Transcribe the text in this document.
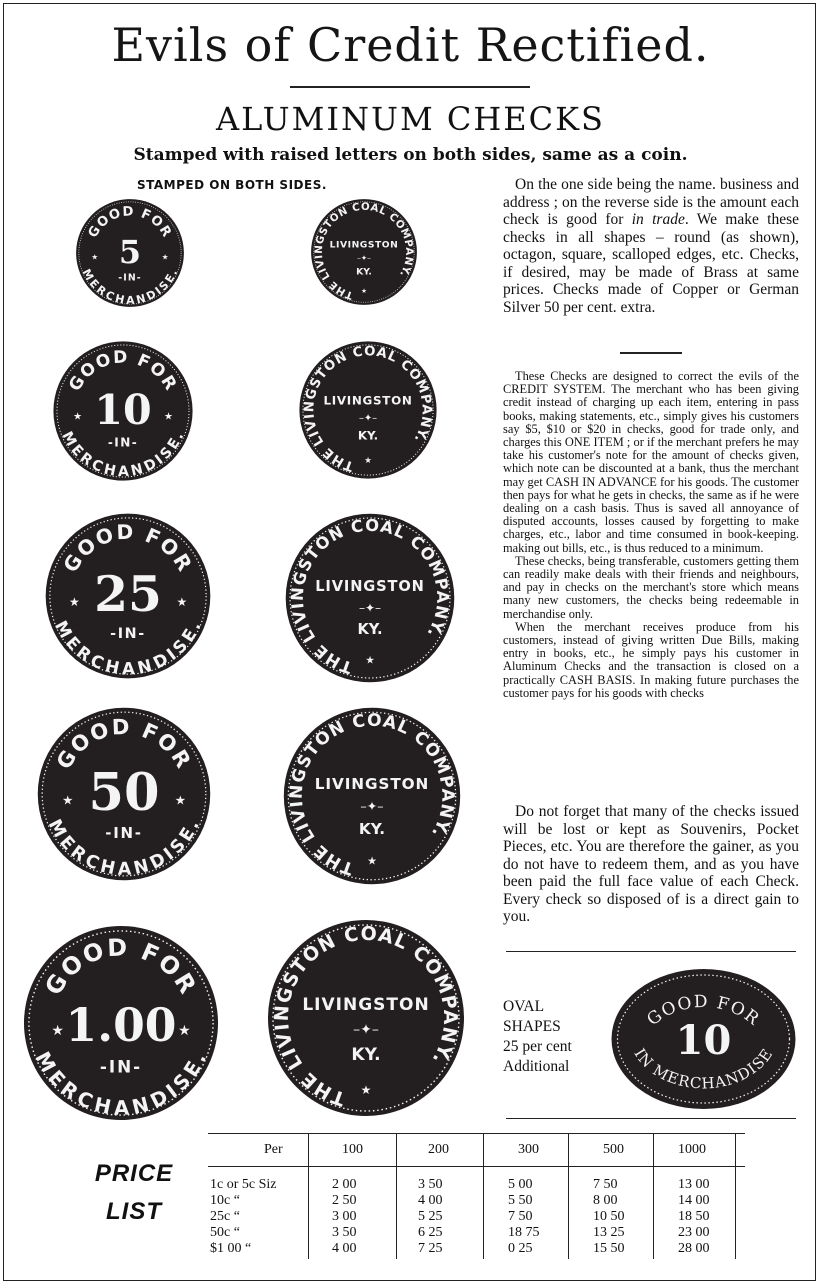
Evils of Credit Rectified.
ALUMINUM CHECKS
Stamped with raised letters on both sides, same as a coin.
STAMPED ON BOTH SIDES.
GOOD FOR
MERCHANDISE.
5
-IN-
★	★
GOOD FOR
MERCHANDISE.
10
-IN-
★	★
GOOD FOR
MERCHANDISE.
25
-IN-
★	★
GOOD FOR
MERCHANDISE.
50
-IN-
★	★
GOOD FOR
MERCHANDISE.
1.00
-IN-
★	★
THE LIVINGSTON COAL COMPANY.
LIVINGSTON
–✦–
KY.
★
THE LIVINGSTON COAL COMPANY.
LIVINGSTON
–✦–
KY.
★
THE LIVINGSTON COAL COMPANY.
LIVINGSTON
–✦–
KY.
★
THE LIVINGSTON COAL COMPANY.
LIVINGSTON
–✦–
KY.
★
THE LIVINGSTON COAL COMPANY.
LIVINGSTON
–✦–
KY.
★
On the one side being the name. business and address ; on the reverse side is the amount each check is good for in trade. We make these checks in all shapes – round (as shown), octagon, square, scalloped edges, etc. Checks, if desired, may be made of Brass at same prices. Checks made of Copper or German Silver 50 per cent. extra.

These Checks are designed to correct the evils of the CREDIT SYSTEM. The merchant who has been giving credit instead of charging up each item, entering in pass books, making statements, etc., simply gives his customers say $5, $10 or $20 in checks, good for trade only, and charges this ONE ITEM ; or if the merchant prefers he may take his customer's note for the amount of checks given, which note can be discounted at a bank, thus the merchant may get CASH IN ADVANCE for his goods. The customer then pays for what he gets in checks, the same as if he were dealing on a cash basis. Thus is saved all annoyance of disputed accounts, losses caused by forgetting to make charges, etc., labor and time consumed in book-keeping. making out bills, etc., is thus reduced to a minimum.

These checks, being transferable, customers getting them can readily make deals with their friends and neighbours, and pay in checks on the merchant's store which means many new customers, the checks being redeemable in merchandise only.

When the merchant receives produce from his customers, instead of giving written Due Bills, making entry in books, etc., he simply pays his customer in Aluminum Checks and the transaction is closed on a practically CASH BASIS. In making future purchases the customer pays for his goods with checks

Do not forget that many of the checks issued will be lost or kept as Souvenirs, Pocket Pieces, etc. You are therefore the gainer, as you do not have to redeem them, and as you have been paid the full face value of each Check. Every check so disposed of is a direct gain to you.
OVAL
SHAPES
25 per cent
Additional
GOOD FOR
10
IN MERCHANDISE
PRICE
LIST
Per	100	200	300	500	1000
1c or 5c Siz	2 00	3 50	5 00	7 50	13 00
10c “	2 50	4 00	5 50	8 00	14 00
25c “	3 00	5 25	7 50	10 50	18 50
50c “	3 50	6 25	18 75	13 25	23 00
$1 00 “	4 00	7 25	0 25	15 50	28 00
